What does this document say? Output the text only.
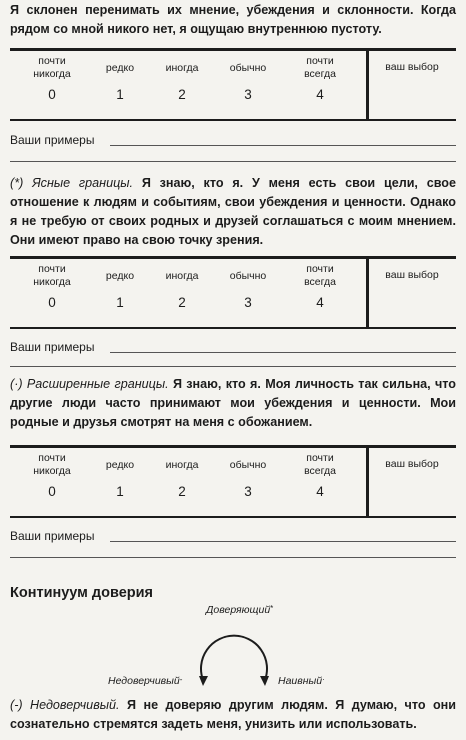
Я склонен перенимать их мнение, убеждения и склонности. Когда рядом со мной никого нет, я ощущаю внутреннюю пустоту.
почти никогда
0
редко
1
иногда
2
обычно
3
почти всегда
4
ваш выбор
Ваши примеры
(*) Ясные границы. Я знаю, кто я. У меня есть свои цели, свое отношение к людям и событиям, свои убеждения и ценности. Однако я не требую от своих родных и друзей соглашаться с моим мнением. Они имеют право на свою точку зрения.
почти никогда
0
редко
1
иногда
2
обычно
3
почти всегда
4
ваш выбор
Ваши примеры
(·) Расширенные границы. Я знаю, кто я. Моя личность так сильна, что другие люди часто принимают мои убеждения и ценности. Мои родные и друзья смотрят на меня с обожанием.
почти никогда
0
редко
1
иногда
2
обычно
3
почти всегда
4
ваш выбор
Ваши примеры
Континуум доверия
Доверяющий*
Недоверчивый-	Наивный·
(-) Недоверчивый. Я не доверяю другим людям. Я думаю, что они сознательно стремятся задеть меня, унизить или использовать.
